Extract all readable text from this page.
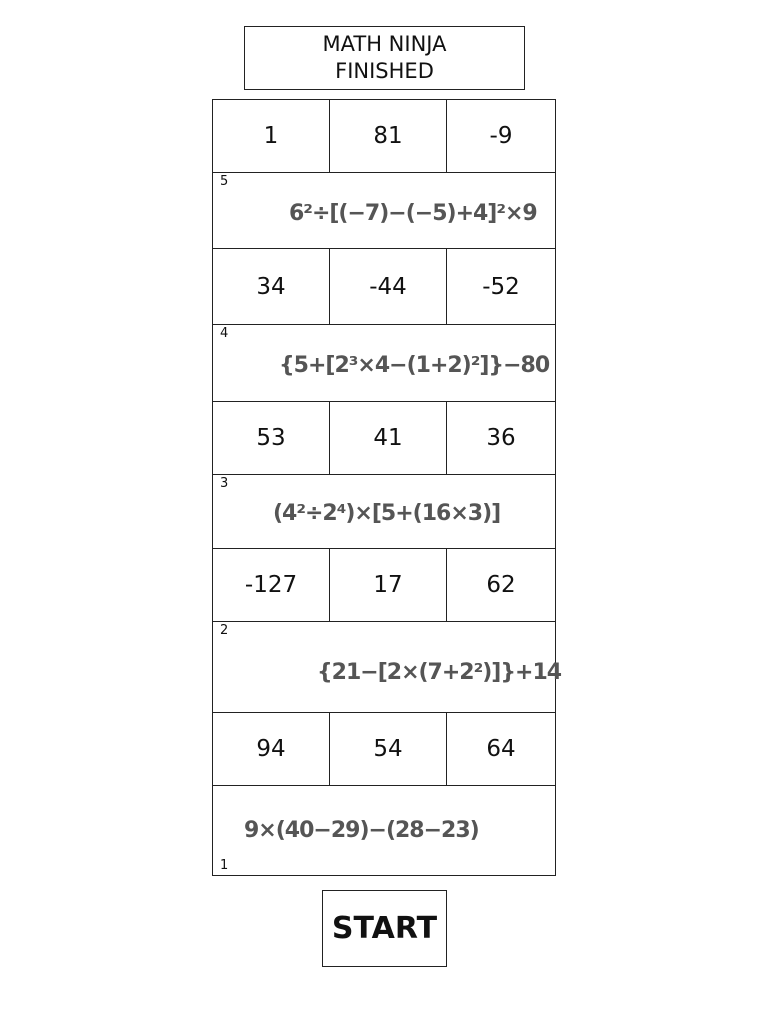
MATH NINJA
FINISHED
1	81	-9
5
6²÷[(−7)−(−5)+4]²×9
34	-44	-52
4
{5+[2³×4−(1+2)²]}−80
53	41	36
3
(4²÷2⁴)×[5+(16×3)]
-127	17	62
2
{21−[2×(7+2²)]}+14
94	54	64
9×(40−29)−(28−23)
1
START
